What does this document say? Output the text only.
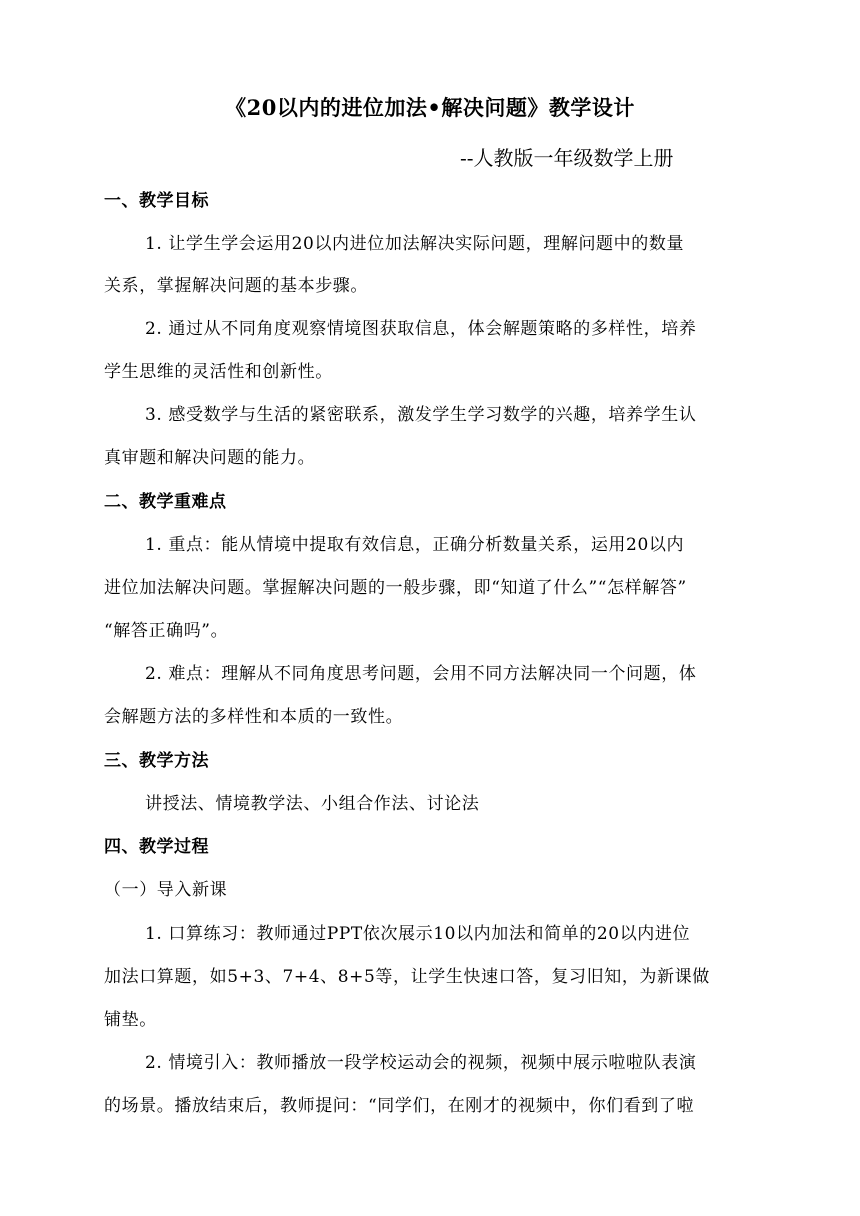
《20以内的进位加法•解决问题》教学设计
--人教版一年级数学上册
一、教学目标
1. 让学生学会运用20以内进位加法解决实际问题，理解问题中的数量
关系，掌握解决问题的基本步骤。
2. 通过从不同角度观察情境图获取信息，体会解题策略的多样性，培养
学生思维的灵活性和创新性。
3. 感受数学与生活的紧密联系，激发学生学习数学的兴趣，培养学生认
真审题和解决问题的能力。
二、教学重难点
1. 重点：能从情境中提取有效信息，正确分析数量关系，运用20以内
进位加法解决问题。掌握解决问题的一般步骤，即“知道了什么”“怎样解答”
“解答正确吗”。
2. 难点：理解从不同角度思考问题，会用不同方法解决同一个问题，体
会解题方法的多样性和本质的一致性。
三、教学方法
讲授法、情境教学法、小组合作法、讨论法
四、教学过程
（一）导入新课
1. 口算练习：教师通过PPT依次展示10以内加法和简单的20以内进位
加法口算题，如5+3、7+4、8+5等，让学生快速口答，复习旧知，为新课做
铺垫。
2. 情境引入：教师播放一段学校运动会的视频，视频中展示啦啦队表演
的场景。播放结束后，教师提问：“同学们，在刚才的视频中，你们看到了啦
